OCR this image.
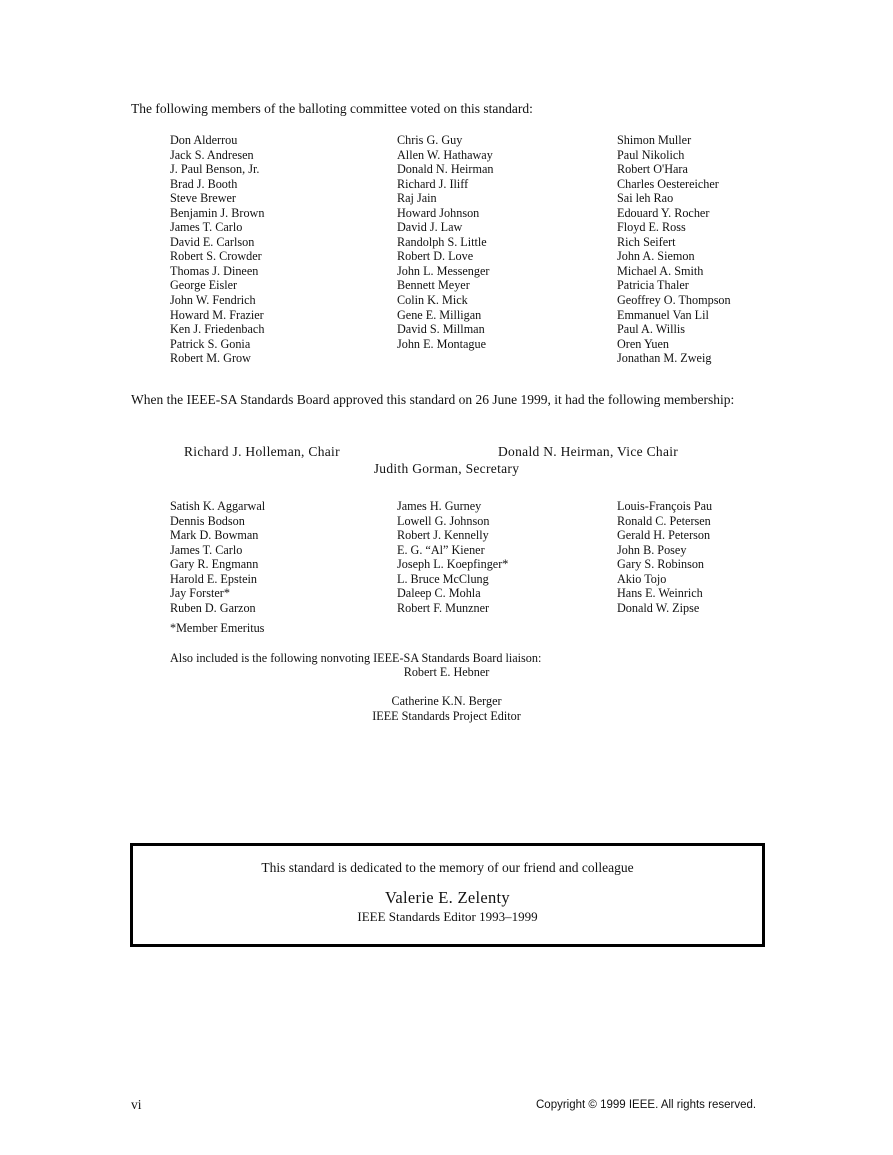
The following members of the balloting committee voted on this standard:
Don Alderrou
Jack S. Andresen
J. Paul Benson, Jr.
Brad J. Booth
Steve Brewer
Benjamin J. Brown
James T. Carlo
David E. Carlson
Robert S. Crowder
Thomas J. Dineen
George Eisler
John W. Fendrich
Howard M. Frazier
Ken J. Friedenbach
Patrick S. Gonia
Robert M. Grow
Chris G. Guy
Allen W. Hathaway
Donald N. Heirman
Richard J. Iliff
Raj Jain
Howard Johnson
David J. Law
Randolph S. Little
Robert D. Love
John L. Messenger
Bennett Meyer
Colin K. Mick
Gene E. Milligan
David S. Millman
John E. Montague
Shimon Muller
Paul Nikolich
Robert O'Hara
Charles Oestereicher
Sai leh Rao
Edouard Y. Rocher
Floyd E. Ross
Rich Seifert
John A. Siemon
Michael A. Smith
Patricia Thaler
Geoffrey O. Thompson
Emmanuel Van Lil
Paul A. Willis
Oren Yuen
Jonathan M. Zweig
When the IEEE-SA Standards Board approved this standard on 26 June 1999, it had the following membership:
Richard J. Holleman, Chair	Donald N. Heirman, Vice Chair
Judith Gorman, Secretary
Satish K. Aggarwal
Dennis Bodson
Mark D. Bowman
James T. Carlo
Gary R. Engmann
Harold E. Epstein
Jay Forster*
Ruben D. Garzon
James H. Gurney
Lowell G. Johnson
Robert J. Kennelly
E. G. “Al” Kiener
Joseph L. Koepfinger*
L. Bruce McClung
Daleep C. Mohla
Robert F. Munzner
Louis-François Pau
Ronald C. Petersen
Gerald H. Peterson
John B. Posey
Gary S. Robinson
Akio Tojo
Hans E. Weinrich
Donald W. Zipse
*Member Emeritus
Also included is the following nonvoting IEEE-SA Standards Board liaison:
Robert E. Hebner
Catherine K.N. Berger
IEEE Standards Project Editor
This standard is dedicated to the memory of our friend and colleague
Valerie E. Zelenty
IEEE Standards Editor 1993–1999
vi	Copyright © 1999 IEEE. All rights reserved.
